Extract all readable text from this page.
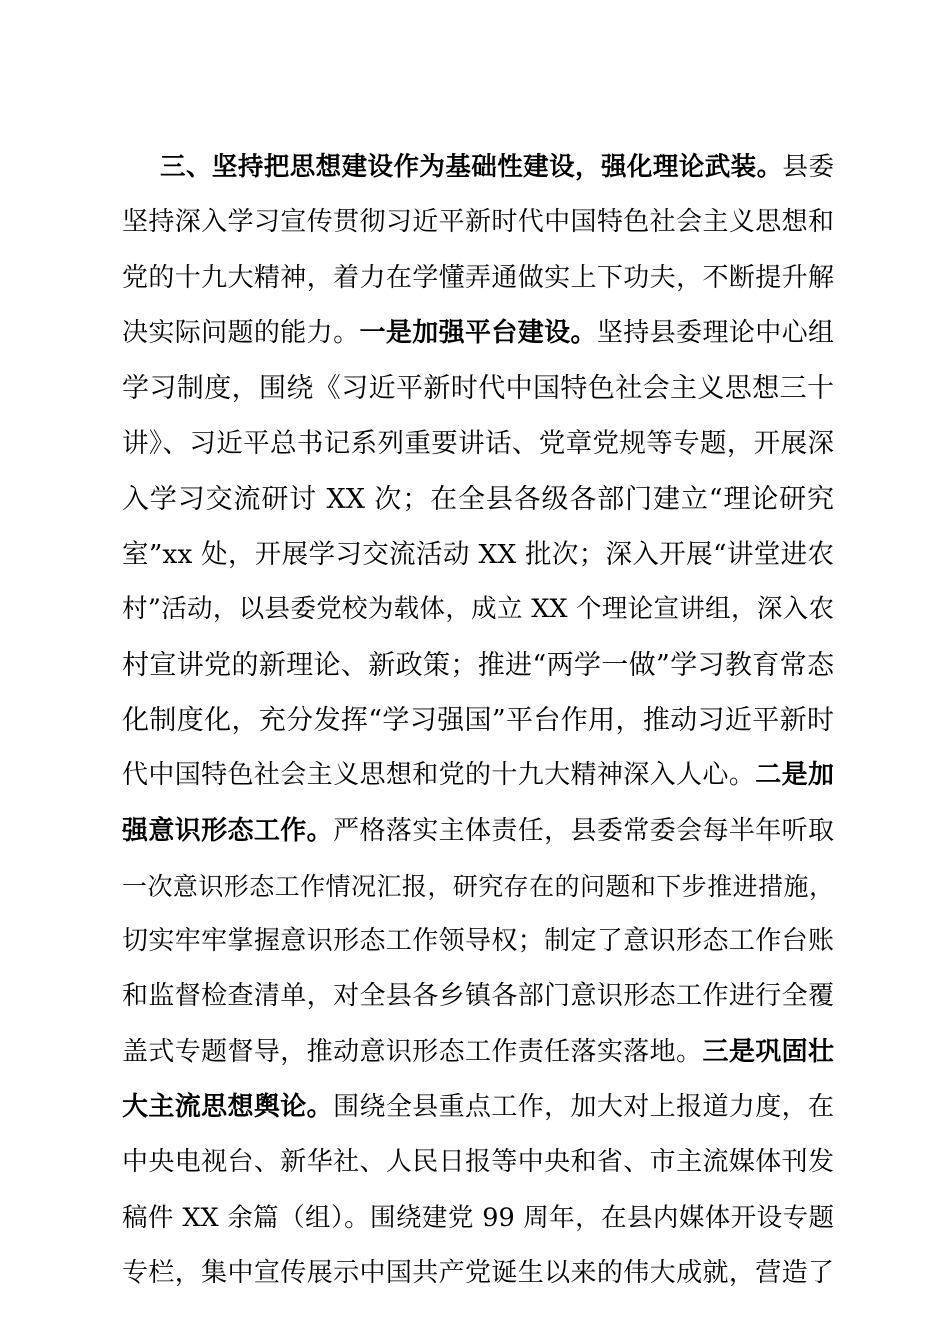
三、坚持把思想建设作为基础性建设，强化理论武装。县委
坚持深入学习宣传贯彻习近平新时代中国特色社会主义思想和
党的十九大精神，着力在学懂弄通做实上下功夫，不断提升解
决实际问题的能力。一是加强平台建设。坚持县委理论中心组
学习制度，围绕《习近平新时代中国特色社会主义思想三十
讲》、习近平总书记系列重要讲话、党章党规等专题，开展深
入学习交流研讨 XX 次；在全县各级各部门建立“理论研究
室”xx 处，开展学习交流活动 XX 批次；深入开展“讲堂进农
村”活动，以县委党校为载体，成立 XX 个理论宣讲组，深入农
村宣讲党的新理论、新政策；推进“两学一做”学习教育常态
化制度化，充分发挥“学习强国”平台作用，推动习近平新时
代中国特色社会主义思想和党的十九大精神深入人心。二是加
强意识形态工作。严格落实主体责任，县委常委会每半年听取
一次意识形态工作情况汇报，研究存在的问题和下步推进措施，
切实牢牢掌握意识形态工作领导权；制定了意识形态工作台账
和监督检查清单，对全县各乡镇各部门意识形态工作进行全覆
盖式专题督导，推动意识形态工作责任落实落地。三是巩固壮
大主流思想舆论。围绕全县重点工作，加大对上报道力度，在
中央电视台、新华社、人民日报等中央和省、市主流媒体刊发
稿件 XX 余篇（组）。围绕建党 99 周年，在县内媒体开设专题
专栏，集中宣传展示中国共产党诞生以来的伟大成就，营造了
